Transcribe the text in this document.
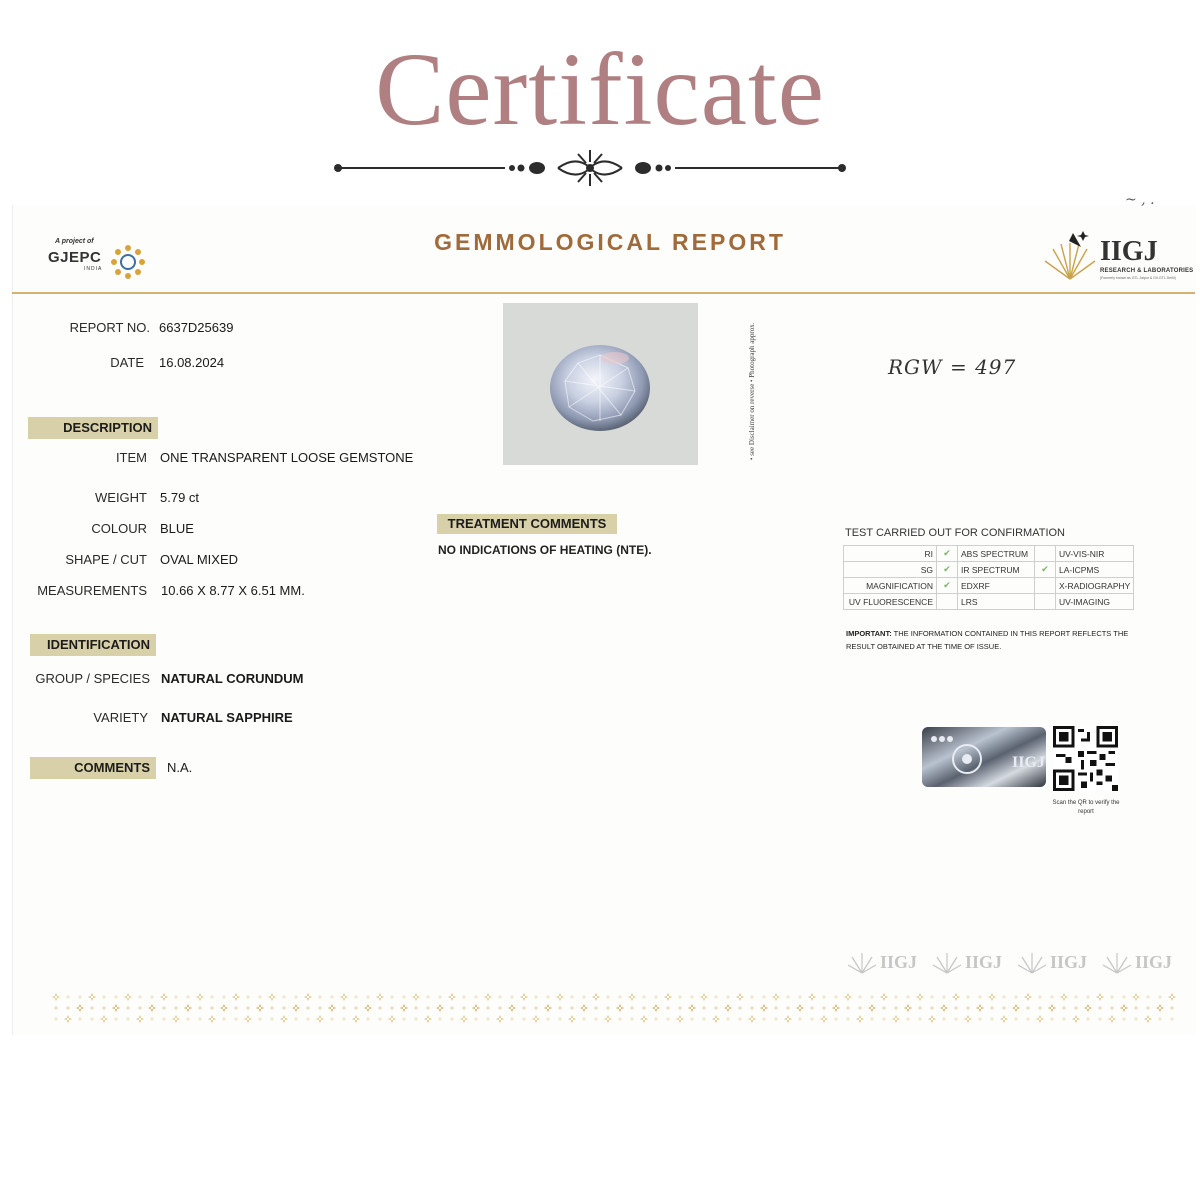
Certificate
~ , .
A project of
GJEPC
INDIA
GEMMOLOGICAL REPORT	IIGJ
RESEARCH & LABORATORIES
(Formerly known as GTL Jaipur & GII-GTL Delhi)
REPORT NO. 6637D25639
DATE 16.08.2024
DESCRIPTION
ITEM ONE TRANSPARENT LOOSE GEMSTONE
WEIGHT 5.79 ct
COLOUR BLUE
SHAPE / CUT OVAL MIXED
MEASUREMENTS 10.66 X 8.77 X 6.51 MM.
IDENTIFICATION
GROUP / SPECIES NATURAL CORUNDUM
VARIETY NATURAL SAPPHIRE
COMMENTS	N.A.
• see Disclaimer on reverse • Photograph approx.	RGW = 497
TREATMENT COMMENTS
NO INDICATIONS OF HEATING (NTE).
TEST CARRIED OUT FOR CONFIRMATION
RI	✔	ABS SPECTRUM		UV-VIS-NIR
SG	✔	IR SPECTRUM	✔	LA-ICPMS
MAGNIFICATION	✔	EDXRF		X-RADIOGRAPHY
UV FLUORESCENCE		LRS		UV-IMAGING
IMPORTANT: THE INFORMATION CONTAINED IN THIS REPORT REFLECTS THE RESULT OBTAINED AT THE TIME OF ISSUE.
IIGJ
Scan the QR to verify the report
IIGJ	IIGJ	IIGJ	IIGJ
